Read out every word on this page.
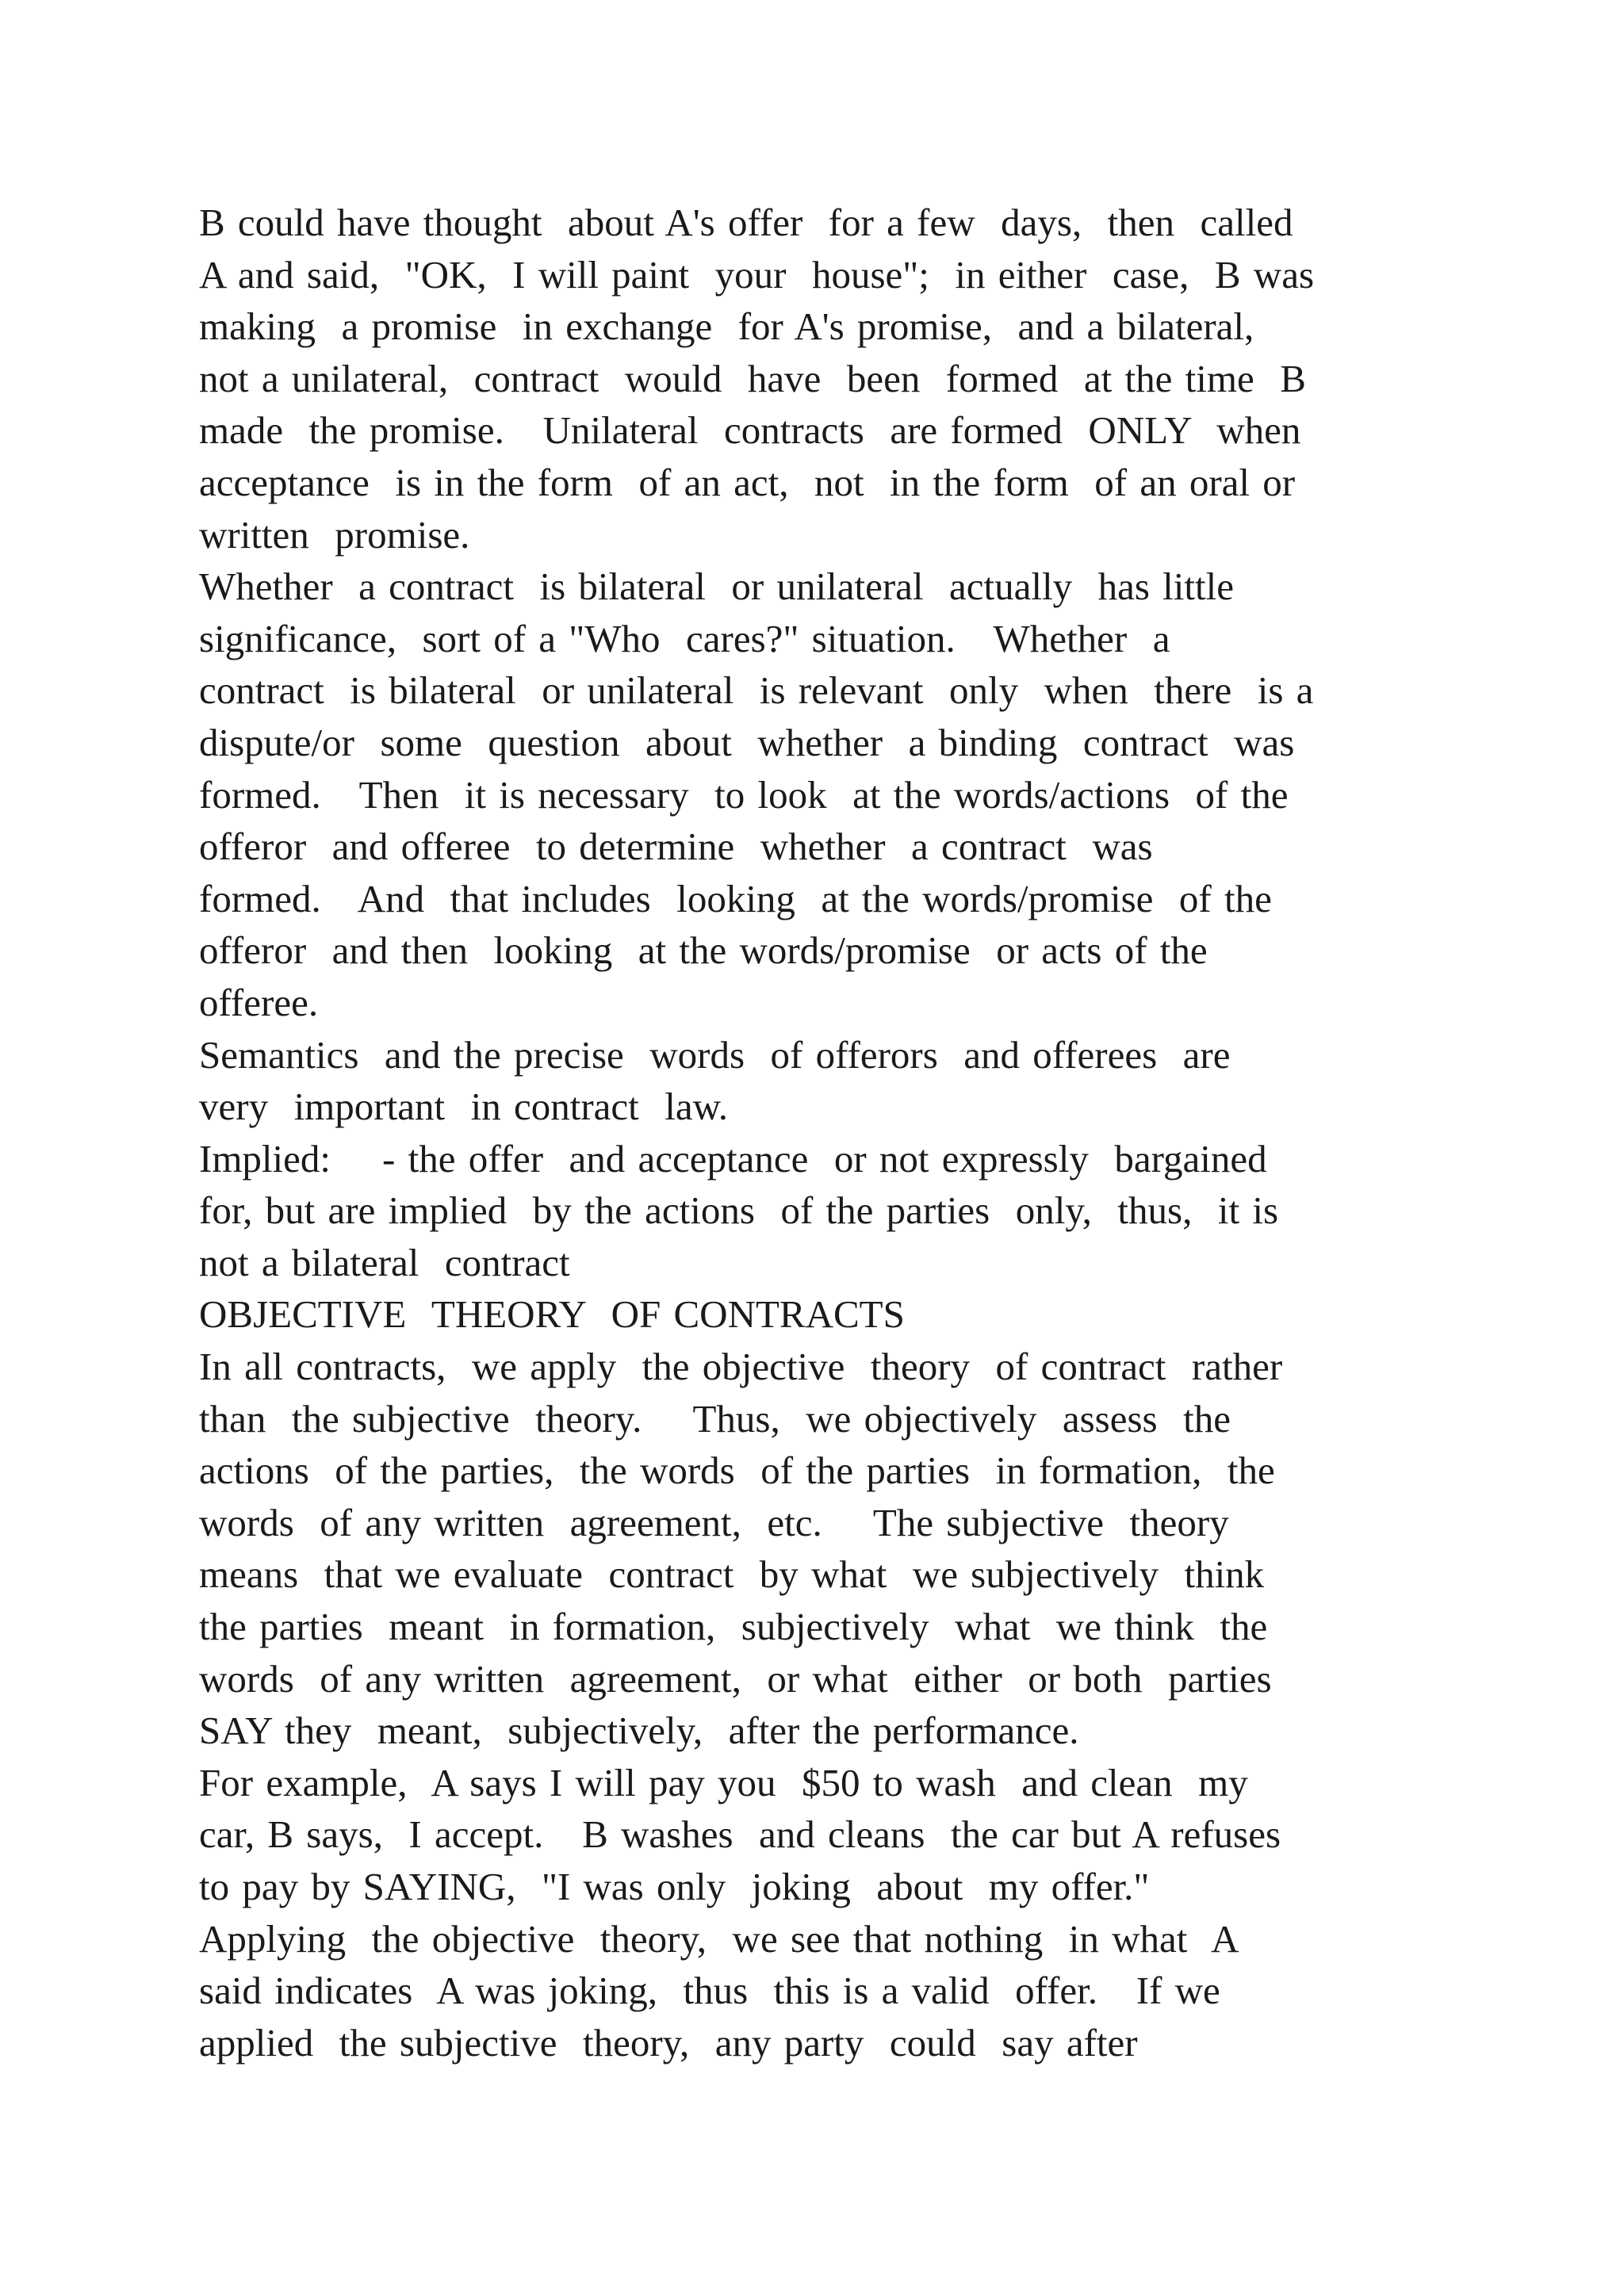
B could have thought  about A's offer  for a few  days,  then  called
A and said,  "OK,  I will paint  your  house";  in either  case,  B was
making  a promise  in exchange  for A's promise,  and a bilateral,
not a unilateral,  contract  would  have  been  formed  at the time  B
made  the promise.   Unilateral  contracts  are formed  ONLY  when
acceptance  is in the form  of an act,  not  in the form  of an oral or
written  promise.
Whether  a contract  is bilateral  or unilateral  actually  has little
significance,  sort of a "Who  cares?" situation.   Whether  a
contract  is bilateral  or unilateral  is relevant  only  when  there  is a
dispute/or  some  question  about  whether  a binding  contract  was
formed.   Then  it is necessary  to look  at the words/actions  of the
offeror  and offeree  to determine  whether  a contract  was
formed.   And  that includes  looking  at the words/promise  of the
offeror  and then  looking  at the words/promise  or acts of the
offeree.
Semantics  and the precise  words  of offerors  and offerees  are
very  important  in contract  law.
Implied:    - the offer  and acceptance  or not expressly  bargained
for, but are implied  by the actions  of the parties  only,  thus,  it is
not a bilateral  contract
OBJECTIVE  THEORY  OF CONTRACTS
In all contracts,  we apply  the objective  theory  of contract  rather
than  the subjective  theory.    Thus,  we objectively  assess  the
actions  of the parties,  the words  of the parties  in formation,  the
words  of any written  agreement,  etc.    The subjective  theory
means  that we evaluate  contract  by what  we subjectively  think
the parties  meant  in formation,  subjectively  what  we think  the
words  of any written  agreement,  or what  either  or both  parties
SAY they  meant,  subjectively,  after the performance.
For example,  A says I will pay you  $50 to wash  and clean  my
car, B says,  I accept.   B washes  and cleans  the car but A refuses
to pay by SAYING,  "I was only  joking  about  my offer."
Applying  the objective  theory,  we see that nothing  in what  A
said indicates  A was joking,  thus  this is a valid  offer.   If we
applied  the subjective  theory,  any party  could  say after
